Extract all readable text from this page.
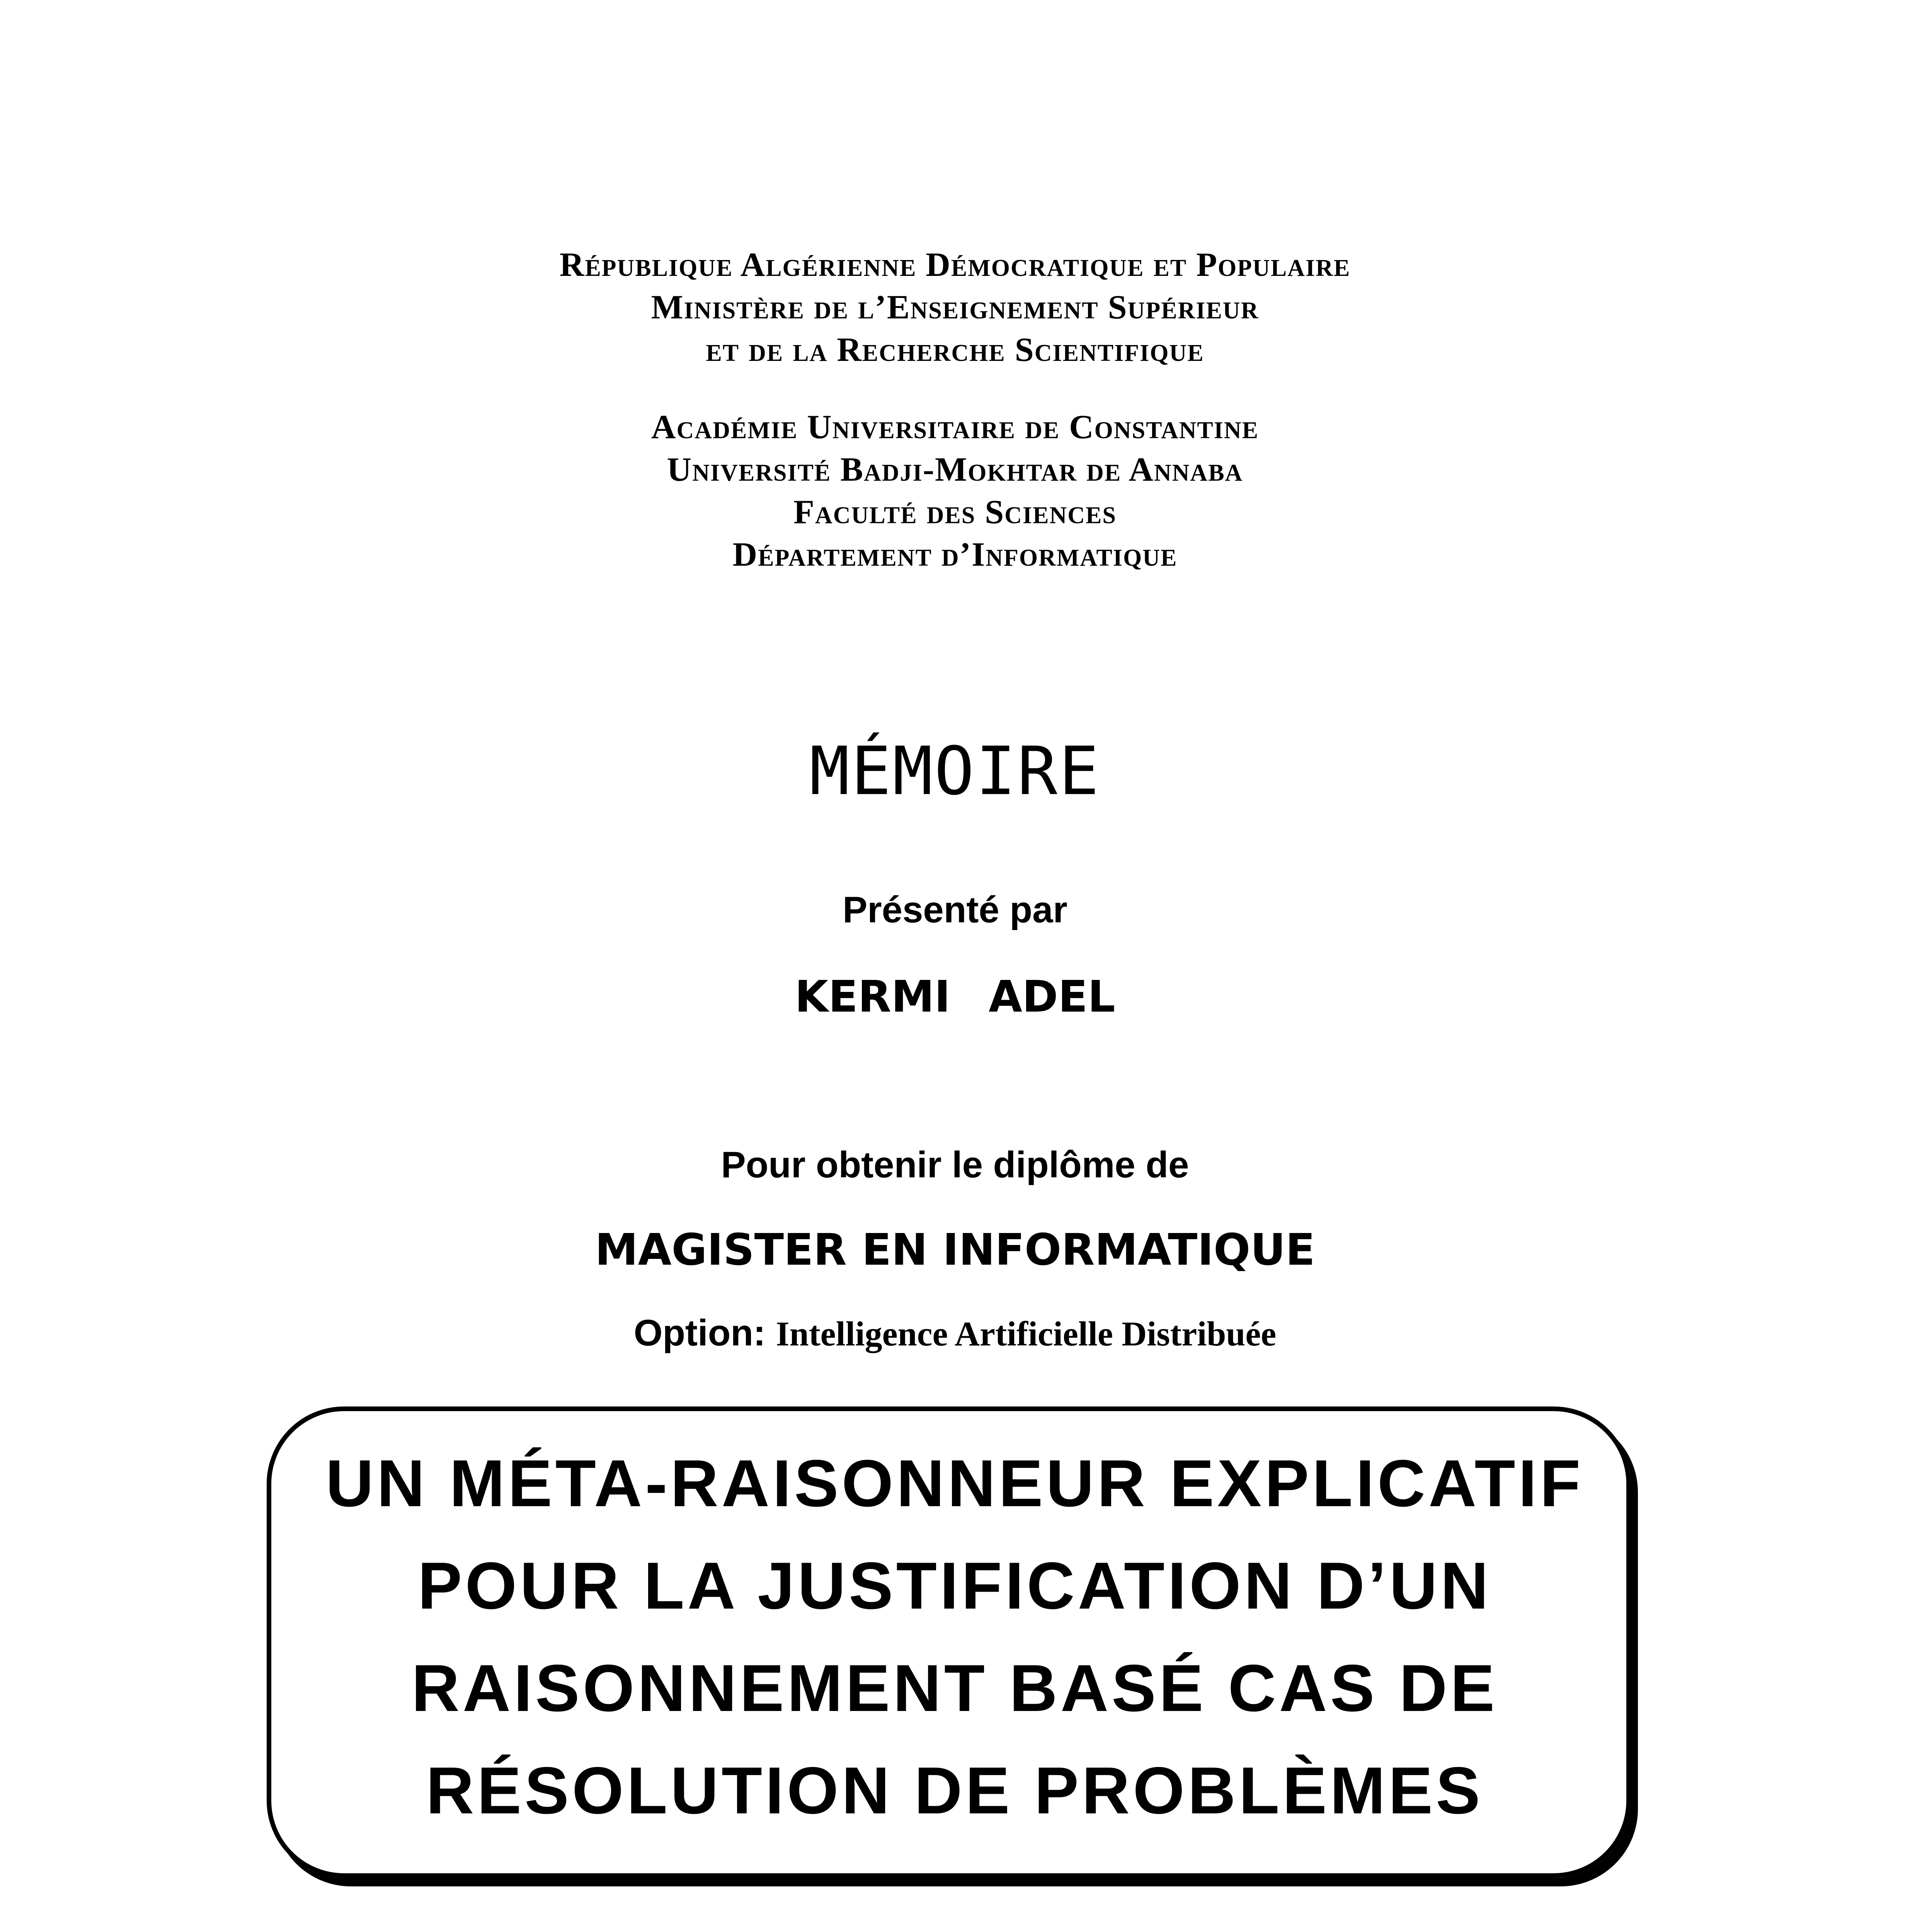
République Algérienne Démocratique et Populaire
Ministère de l’Enseignement Supérieur
et de la Recherche Scientifique
Académie Universitaire de Constantine
Université Badji-Mokhtar de Annaba
Faculté des Sciences
Département d’Informatique
MÉMOIRE
Présenté par
KERMI ADEL
Pour obtenir le diplôme de
MAGISTER EN INFORMATIQUE
Option: Intelligence Artificielle Distribuée
UN MÉTA-RAISONNEUR EXPLICATIF
POUR LA JUSTIFICATION D’UN
RAISONNEMENT BASÉ CAS DE
RÉSOLUTION DE PROBLÈMES
